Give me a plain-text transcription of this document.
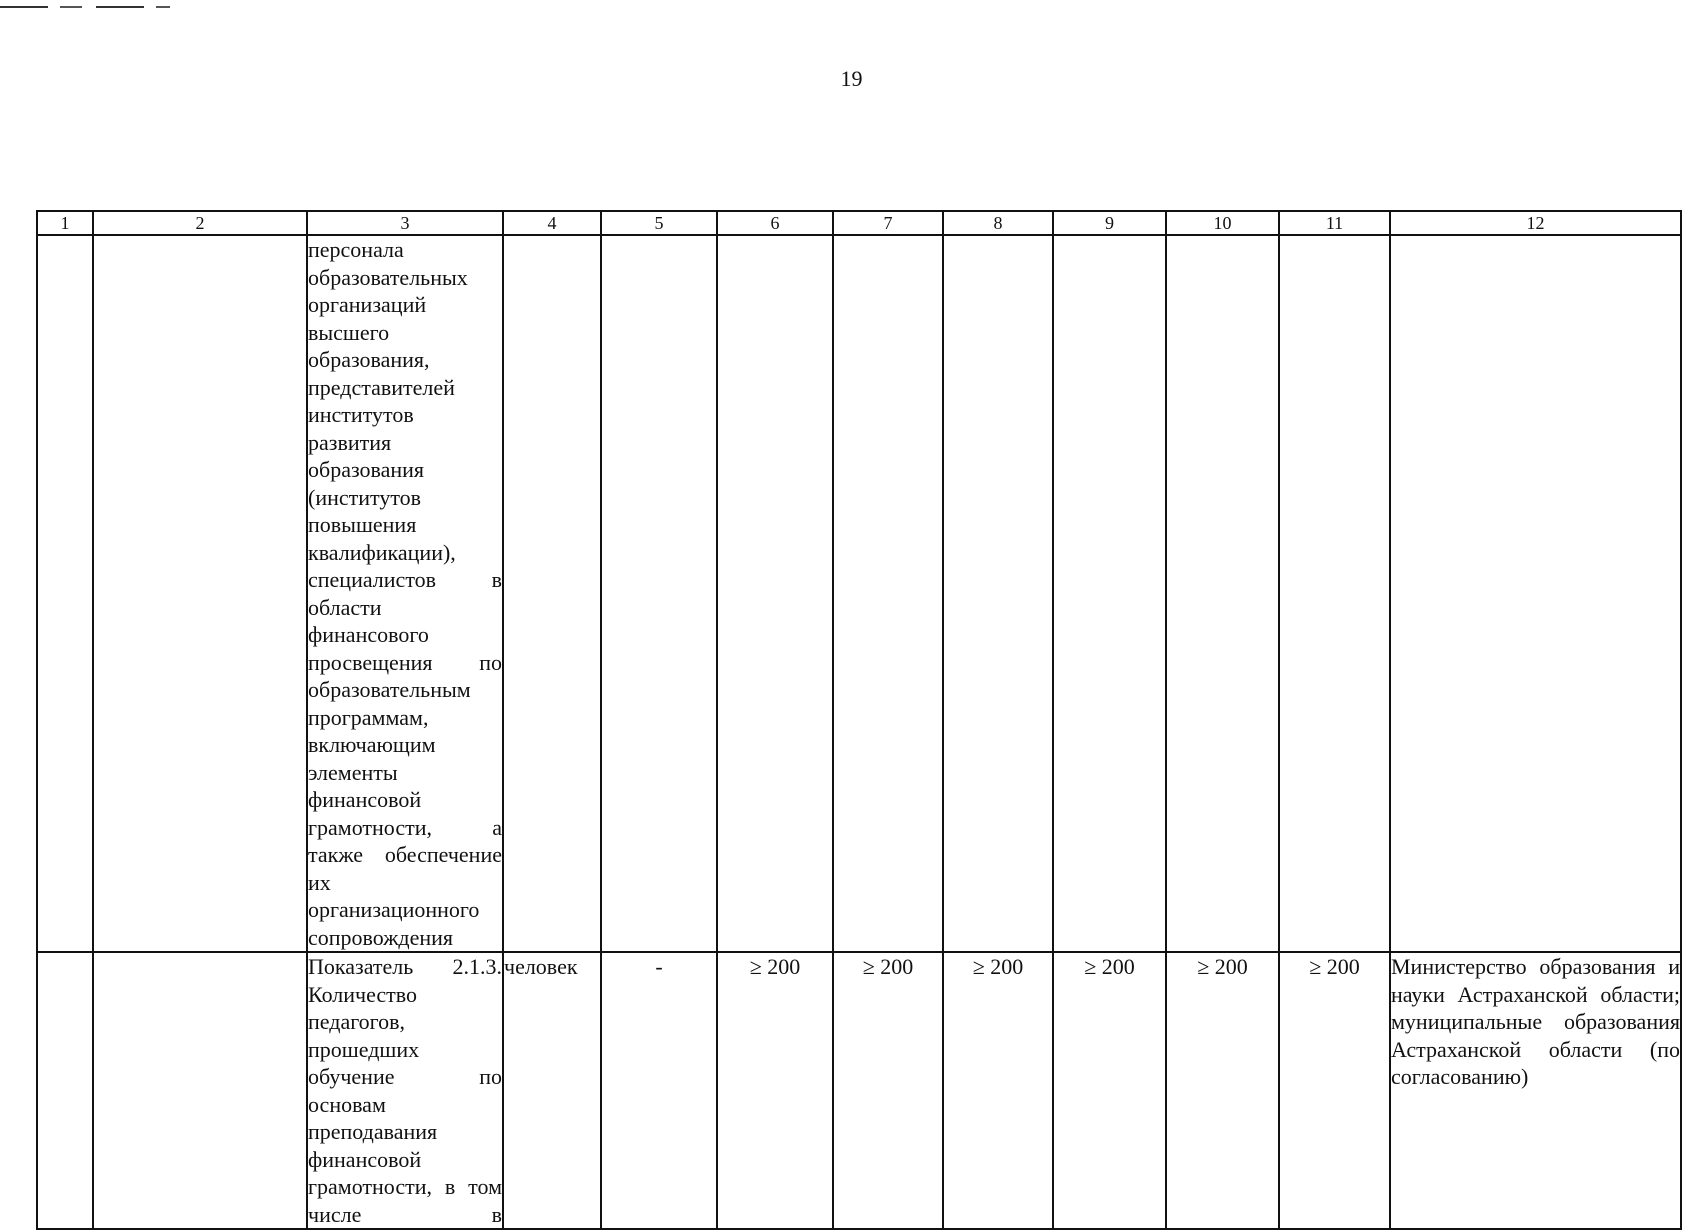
19
1	2	3	4	5	6	7	8	9	10	11	12
		персонала образовательных организаций высшего образования, представителей институтов развития образования (институтов повышения квалификации), специалистов в области финансового просвещения по образовательным программам, включающим элементы финансовой грамотности, а также обеспечение их организационного сопровождения									
		Показатель 2.1.3. Количество педагогов, прошедших обучение по основам преподавания финансовой грамотности, в том числе в	человек	-	≥ 200	≥ 200	≥ 200	≥ 200	≥ 200	≥ 200	Министерство образования и науки Астраханской области; муниципальные образования Астраханской области (по согласованию)
